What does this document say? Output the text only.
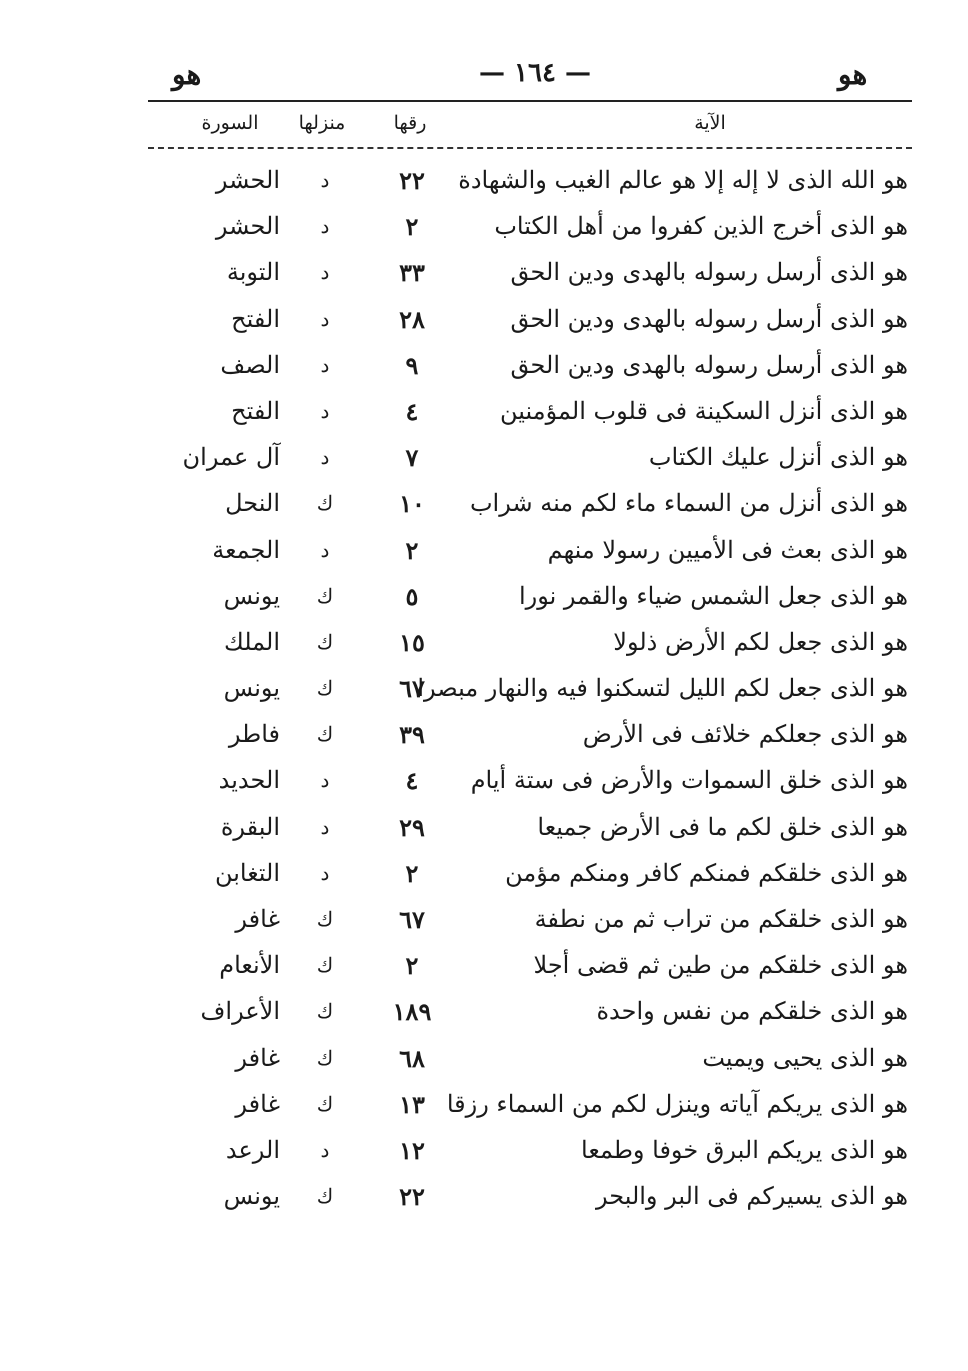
هو
— ١٦٤ —
هو
الآية
رقها
منزلها
السورة
هو الله الذى لا إله إلا هو عالم الغيب والشهادة
٢٢
د
الحشر
هو الذى أخرج الذين كفروا من أهل الكتاب
٢
د
الحشر
هو الذى أرسل رسوله بالهدى ودين الحق
٣٣
د
التوبة
هو الذى أرسل رسوله بالهدى ودين الحق
٢٨
د
الفتح
هو الذى أرسل رسوله بالهدى ودين الحق
٩
د
الصف
هو الذى أنزل السكينة فى قلوب المؤمنين
٤
د
الفتح
هو الذى أنزل عليك الكتاب
٧
د
آل عمران
هو الذى أنزل من السماء ماء لكم منه شراب
١٠
ك
النحل
هو الذى بعث فى الأميين رسولا منهم
٢
د
الجمعة
هو الذى جعل الشمس ضياء والقمر نورا
٥
ك
يونس
هو الذى جعل لكم الأرض ذلولا
١٥
ك
الملك
هو الذى جعل لكم الليل لتسكنوا فيه والنهار مبصرا
٦٧
ك
يونس
هو الذى جعلكم خلائف فى الأرض
٣٩
ك
فاطر
هو الذى خلق السموات والأرض فى ستة أيام
٤
د
الحديد
هو الذى خلق لكم ما فى الأرض جميعا
٢٩
د
البقرة
هو الذى خلقكم فمنكم كافر ومنكم مؤمن
٢
د
التغابن
هو الذى خلقكم من تراب ثم من نطفة
٦٧
ك
غافر
هو الذى خلقكم من طين ثم قضى أجلا
٢
ك
الأنعام
هو الذى خلقكم من نفس واحدة
١٨٩
ك
الأعراف
هو الذى يحيى ويميت
٦٨
ك
غافر
هو الذى يريكم آياته وينزل لكم من السماء رزقا
١٣
ك
غافر
هو الذى يريكم البرق خوفا وطمعا
١٢
د
الرعد
هو الذى يسيركم فى البر والبحر
٢٢
ك
يونس
